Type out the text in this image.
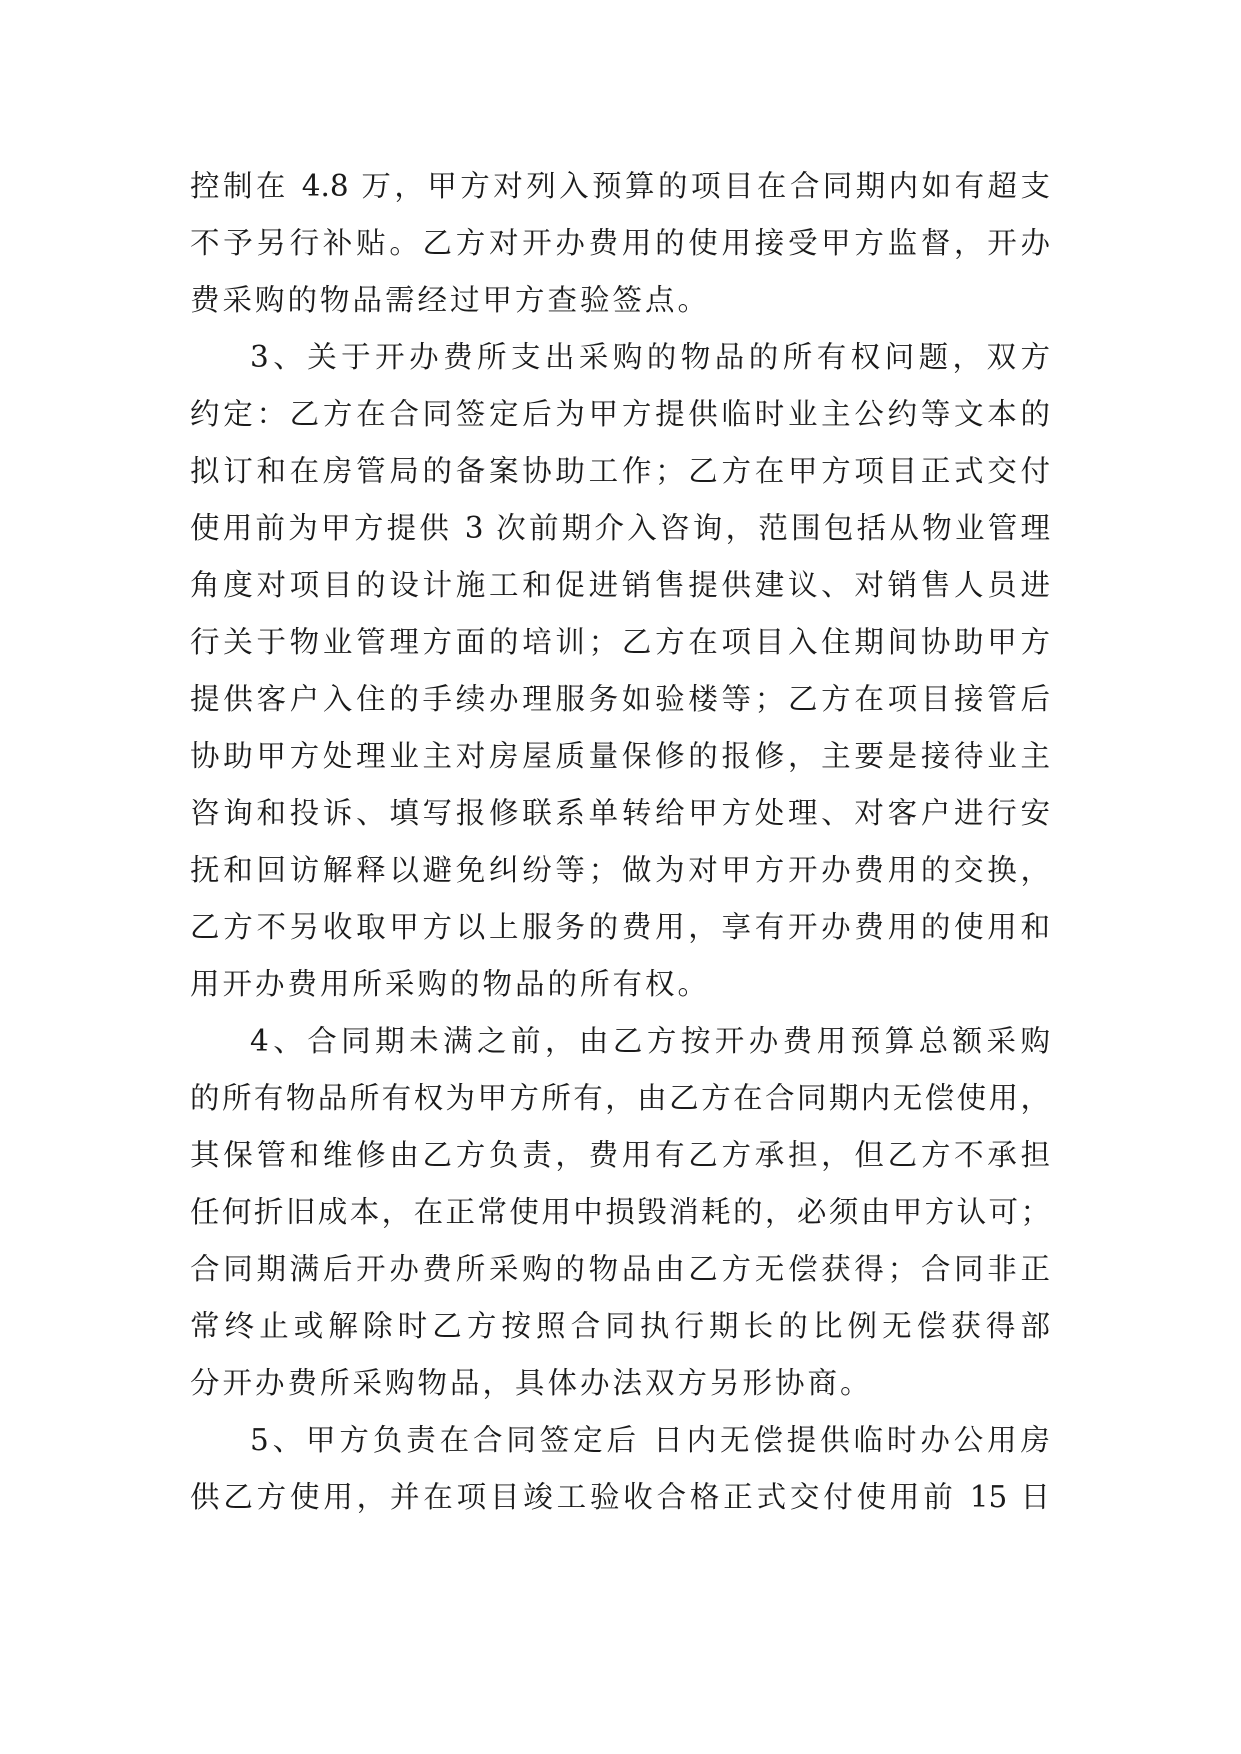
控制在 4.8 万，甲方对列入预算的项目在合同期内如有超支
不予另行补贴。乙方对开办费用的使用接受甲方监督，开办
费采购的物品需经过甲方查验签点。
3、关于开办费所支出采购的物品的所有权问题，双方
约定：乙方在合同签定后为甲方提供临时业主公约等文本的
拟订和在房管局的备案协助工作；乙方在甲方项目正式交付
使用前为甲方提供 3 次前期介入咨询，范围包括从物业管理
角度对项目的设计施工和促进销售提供建议、对销售人员进
行关于物业管理方面的培训；乙方在项目入住期间协助甲方
提供客户入住的手续办理服务如验楼等；乙方在项目接管后
协助甲方处理业主对房屋质量保修的报修，主要是接待业主
咨询和投诉、填写报修联系单转给甲方处理、对客户进行安
抚和回访解释以避免纠纷等；做为对甲方开办费用的交换，
乙方不另收取甲方以上服务的费用，享有开办费用的使用和
用开办费用所采购的物品的所有权。
4、合同期未满之前，由乙方按开办费用预算总额采购
的所有物品所有权为甲方所有，由乙方在合同期内无偿使用，
其保管和维修由乙方负责，费用有乙方承担，但乙方不承担
任何折旧成本，在正常使用中损毁消耗的，必须由甲方认可；
合同期满后开办费所采购的物品由乙方无偿获得；合同非正
常终止或解除时乙方按照合同执行期长的比例无偿获得部
分开办费所采购物品，具体办法双方另形协商。
5、甲方负责在合同签定后 日内无偿提供临时办公用房
供乙方使用，并在项目竣工验收合格正式交付使用前 15 日
